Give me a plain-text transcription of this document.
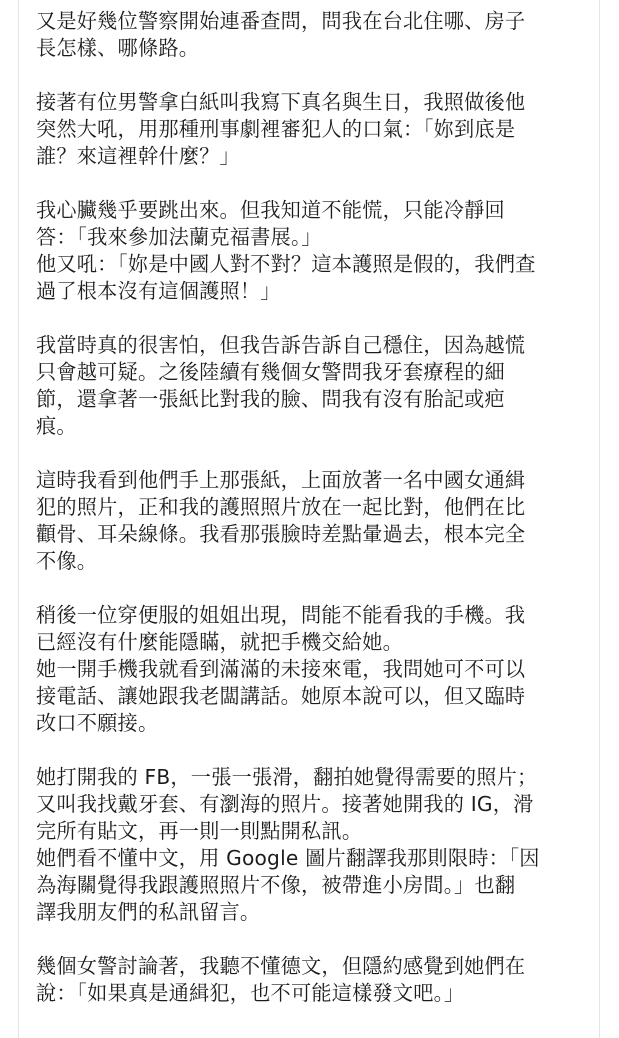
又是好幾位警察開始連番查問，問我在台北住哪、房子
長怎樣、哪條路。

接著有位男警拿白紙叫我寫下真名與生日，我照做後他
突然大吼，用那種刑事劇裡審犯人的口氣：「妳到底是
誰？來這裡幹什麼？」

我心臟幾乎要跳出來。但我知道不能慌，只能冷靜回
答：「我來參加法蘭克福書展。」
他又吼：「妳是中國人對不對？這本護照是假的，我們查
過了根本沒有這個護照！」

我當時真的很害怕，但我告訴告訴自己穩住，因為越慌
只會越可疑。之後陸續有幾個女警問我牙套療程的細
節，還拿著一張紙比對我的臉、問我有沒有胎記或疤
痕。

這時我看到他們手上那張紙，上面放著一名中國女通緝
犯的照片，正和我的護照照片放在一起比對，他們在比
顴骨、耳朵線條。我看那張臉時差點暈過去，根本完全
不像。

稍後一位穿便服的姐姐出現，問能不能看我的手機。我
已經沒有什麼能隱瞞，就把手機交給她。
她一開手機我就看到滿滿的未接來電，我問她可不可以
接電話、讓她跟我老闆講話。她原本說可以，但又臨時
改口不願接。

她打開我的 FB，一張一張滑，翻拍她覺得需要的照片；
又叫我找戴牙套、有瀏海的照片。接著她開我的 IG，滑
完所有貼文，再一則一則點開私訊。
她們看不懂中文，用 Google 圖片翻譯我那則限時：「因
為海關覺得我跟護照照片不像，被帶進小房間。」也翻
譯我朋友們的私訊留言。

幾個女警討論著，我聽不懂德文，但隱約感覺到她們在
說：「如果真是通緝犯，也不可能這樣發文吧。」
